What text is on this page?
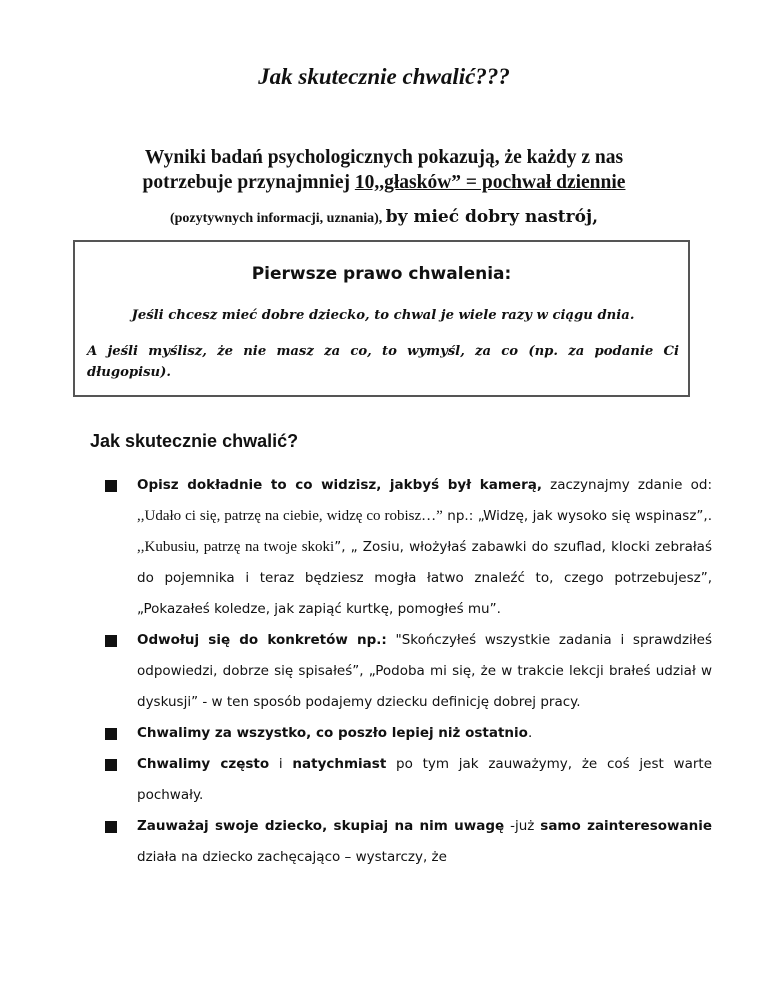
Jak skutecznie chwalić???
Wyniki badań psychologicznych pokazują, że każdy z nas
potrzebuje przynajmniej 10,,głasków” = pochwał dziennie
(pozytywnych informacji, uznania), by mieć dobry nastrój,
Pierwsze prawo chwalenia:
Jeśli chcesz mieć dobre dziecko, to chwal je wiele razy w ciągu dnia.
A jeśli myślisz, że nie masz za co, to wymyśl, za co (np. za podanie Ci długopisu).
Jak skutecznie chwalić?

Opisz dokładnie to co widzisz, jakbyś był kamerą, zaczynajmy zdanie od: ,,Udało ci się, patrzę na ciebie, widzę co robisz…” np.: „Widzę, jak wysoko się wspinasz”,. ,,Kubusiu, patrzę na twoje skoki”, „ Zosiu, włożyłaś zabawki do szuflad, klocki zebrałaś do pojemnika i teraz będziesz mogła łatwo znaleźć to, czego potrzebujesz”, „Pokazałeś koledze, jak zapiąć kurtkę, pomogłeś mu”.

Odwołuj się do konkretów np.: "Skończyłeś wszystkie zadania i sprawdziłeś odpowiedzi, dobrze się spisałeś”, „Podoba mi się, że w trakcie lekcji brałeś udział w dyskusji” - w ten sposób podajemy dziecku definicję dobrej pracy.

Chwalimy za wszystko, co poszło lepiej niż ostatnio.

Chwalimy często i natychmiast po tym jak zauważymy, że coś jest warte pochwały.

Zauważaj swoje dziecko, skupiaj na nim uwagę -już samo zainteresowanie działa na dziecko zachęcająco – wystarczy, że
